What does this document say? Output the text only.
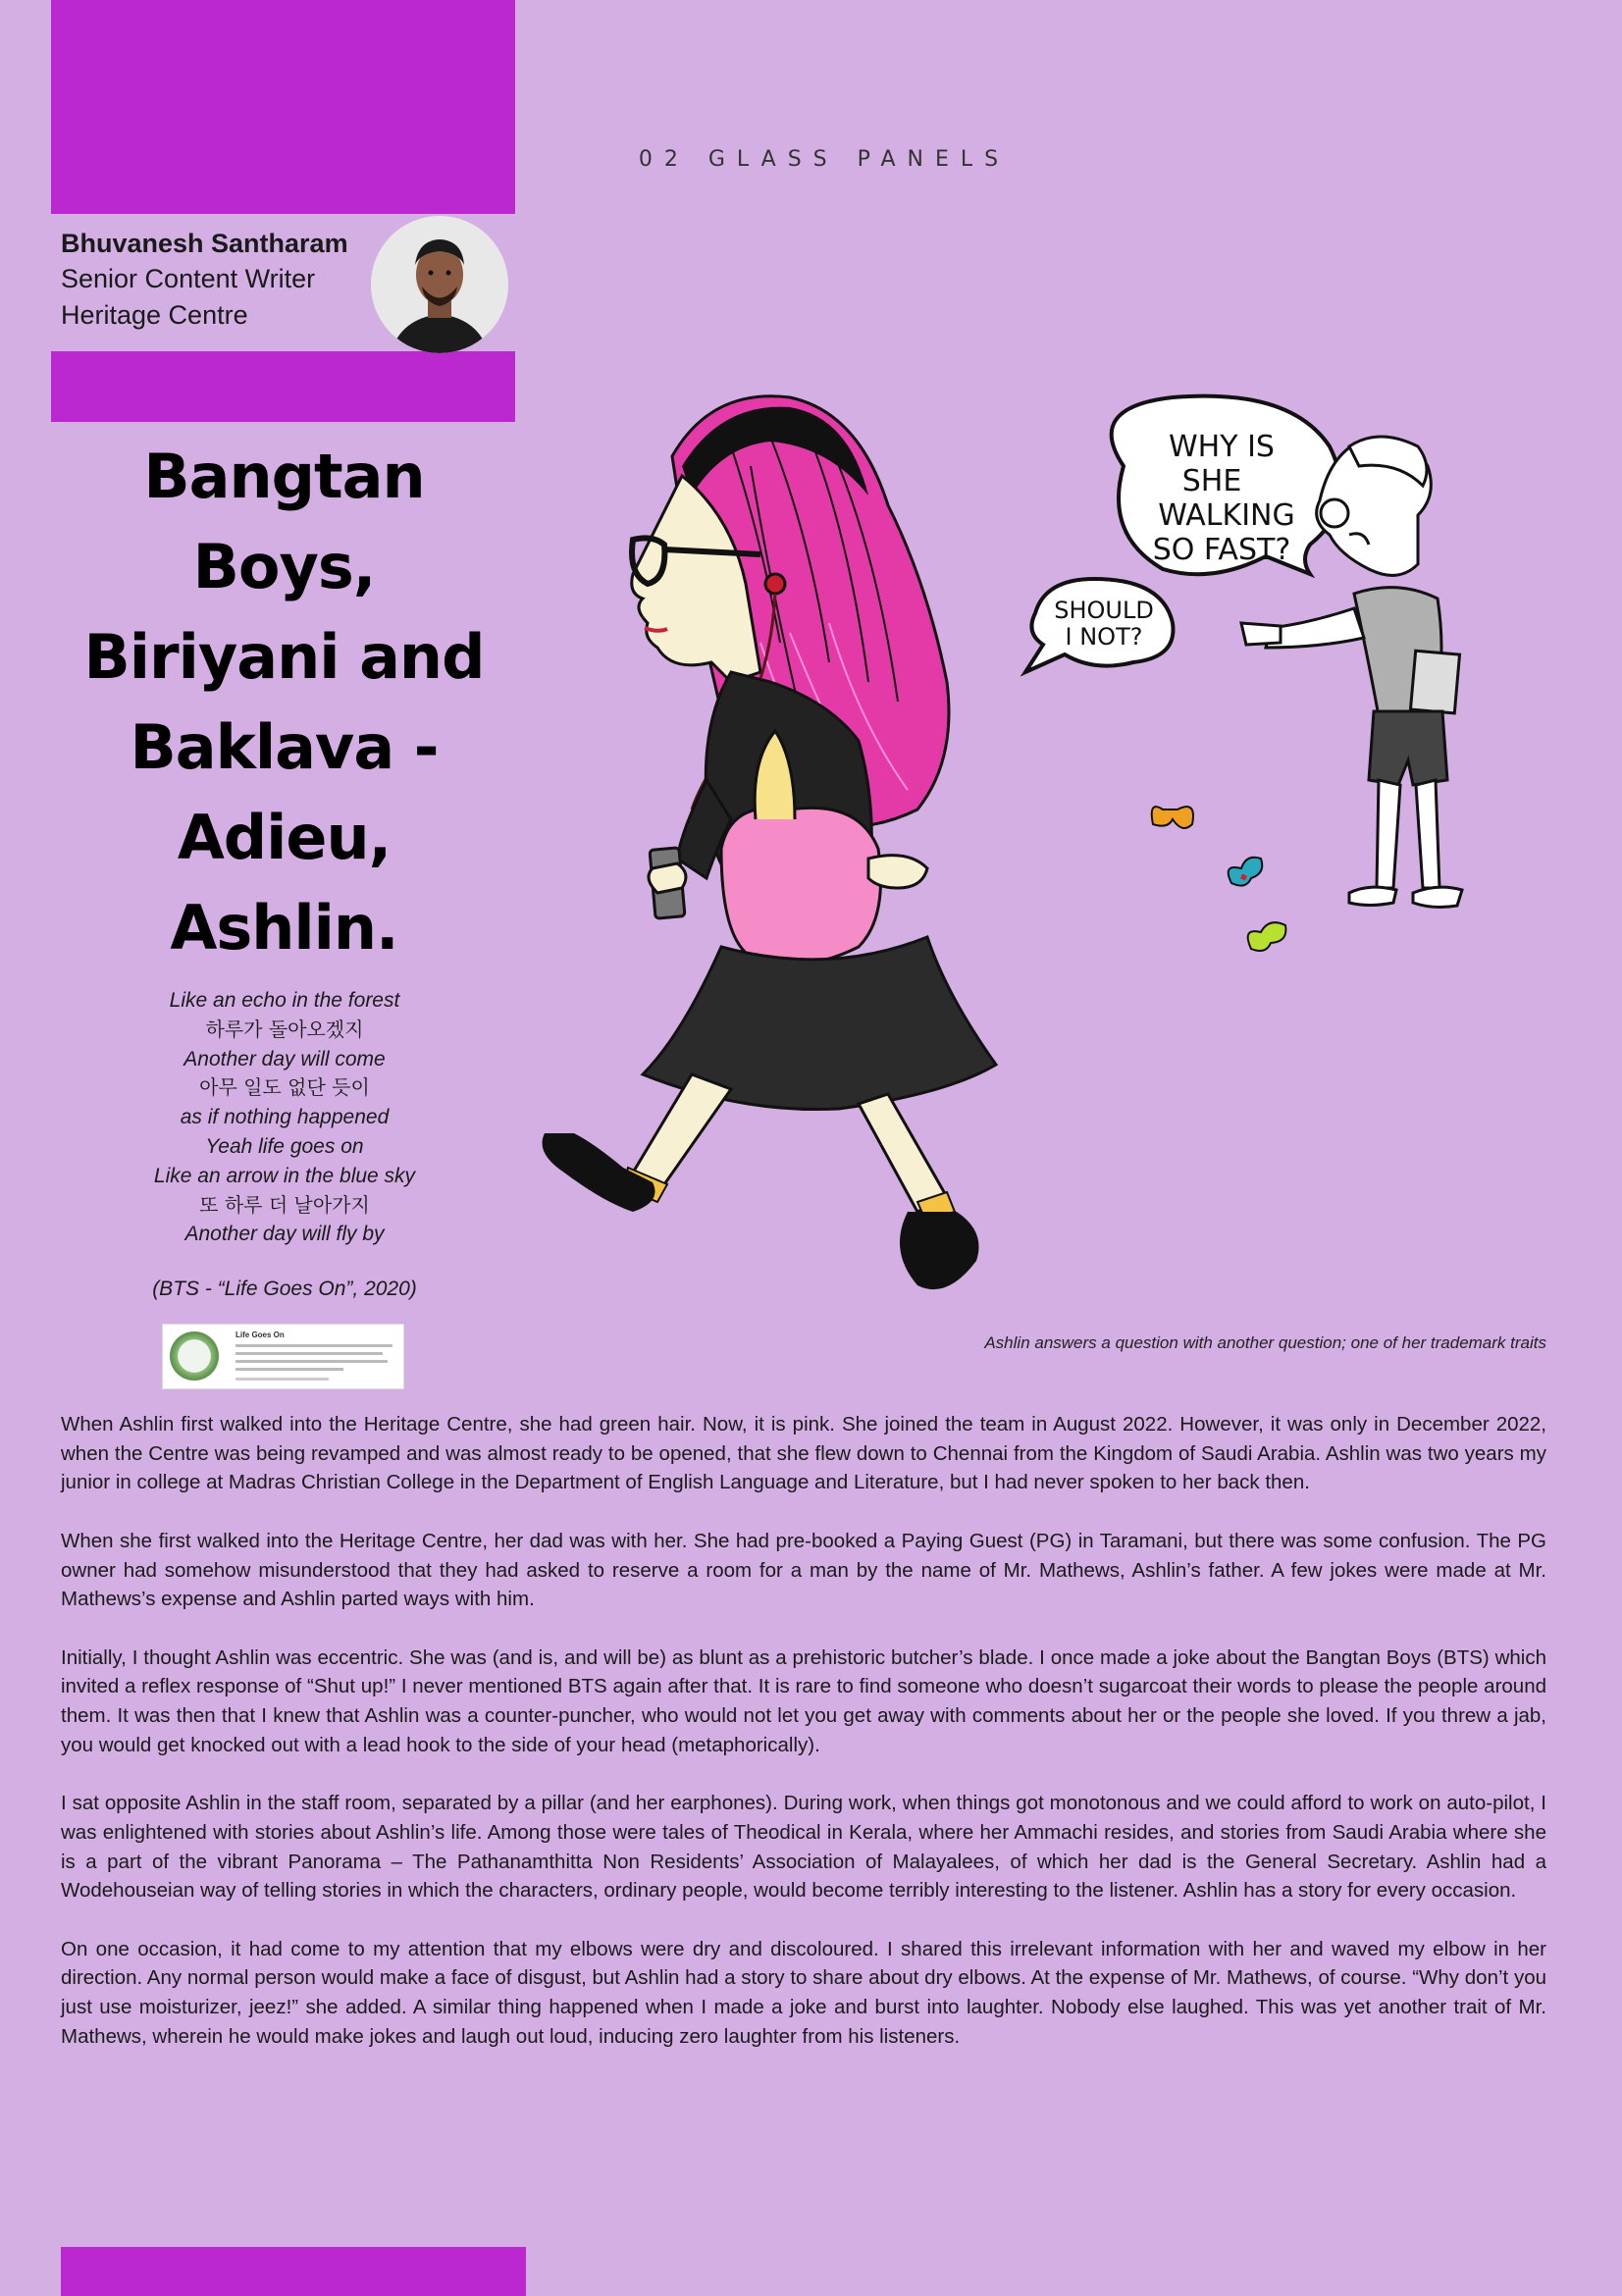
02 GLASS PANELS
Bhuvanesh Santharam
Senior Content Writer
Heritage Centre
Bangtan Boys, Biriyani and Baklava - Adieu, Ashlin.
Like an echo in the forest
하루가 돌아오겠지
Another day will come
아무 일도 없단 듯이
as if nothing happened
Yeah life goes on
Like an arrow in the blue sky
또 하루 더 날아가지
Another day will fly by
(BTS - “Life Goes On”, 2020)
Life Goes On
WHY IS
SHE
WALKING
SO FAST?
SHOULD
I NOT?
Ashlin answers a question with another question; one of her trademark traits

When Ashlin first walked into the Heritage Centre, she had green hair. Now, it is pink. She joined the team in August 2022. However, it was only in December 2022, when the Centre was being revamped and was almost ready to be opened, that she flew down to Chennai from the Kingdom of Saudi Arabia. Ashlin was two years my junior in college at Madras Christian College in the Department of English Language and Literature, but I had never spoken to her back then.

When she first walked into the Heritage Centre, her dad was with her. She had pre-booked a Paying Guest (PG) in Taramani, but there was some confusion. The PG owner had somehow misunderstood that they had asked to reserve a room for a man by the name of Mr. Mathews, Ashlin’s father. A few jokes were made at Mr. Mathews’s expense and Ashlin parted ways with him.

Initially, I thought Ashlin was eccentric. She was (and is, and will be) as blunt as a prehistoric butcher’s blade. I once made a joke about the Bangtan Boys (BTS) which invited a reflex response of “Shut up!” I never mentioned BTS again after that. It is rare to find someone who doesn’t sugarcoat their words to please the people around them. It was then that I knew that Ashlin was a counter-puncher, who would not let you get away with comments about her or the people she loved. If you threw a jab, you would get knocked out with a lead hook to the side of your head (metaphorically).

I sat opposite Ashlin in the staff room, separated by a pillar (and her earphones). During work, when things got monotonous and we could afford to work on auto-pilot, I was enlightened with stories about Ashlin’s life. Among those were tales of Theodical in Kerala, where her Ammachi resides, and stories from Saudi Arabia where she is a part of the vibrant Panorama – The Pathanamthitta Non Residents’ Association of Malayalees, of which her dad is the General Secretary. Ashlin had a Wodehouseian way of telling stories in which the characters, ordinary people, would become terribly interesting to the listener. Ashlin has a story for every occasion.

On one occasion, it had come to my attention that my elbows were dry and discoloured. I shared this irrelevant information with her and waved my elbow in her direction. Any normal person would make a face of disgust, but Ashlin had a story to share about dry elbows. At the expense of Mr. Mathews, of course. “Why don’t you just use moisturizer, jeez!” she added. A similar thing happened when I made a joke and burst into laughter. Nobody else laughed. This was yet another trait of Mr. Mathews, wherein he would make jokes and laugh out loud, inducing zero laughter from his listeners.
